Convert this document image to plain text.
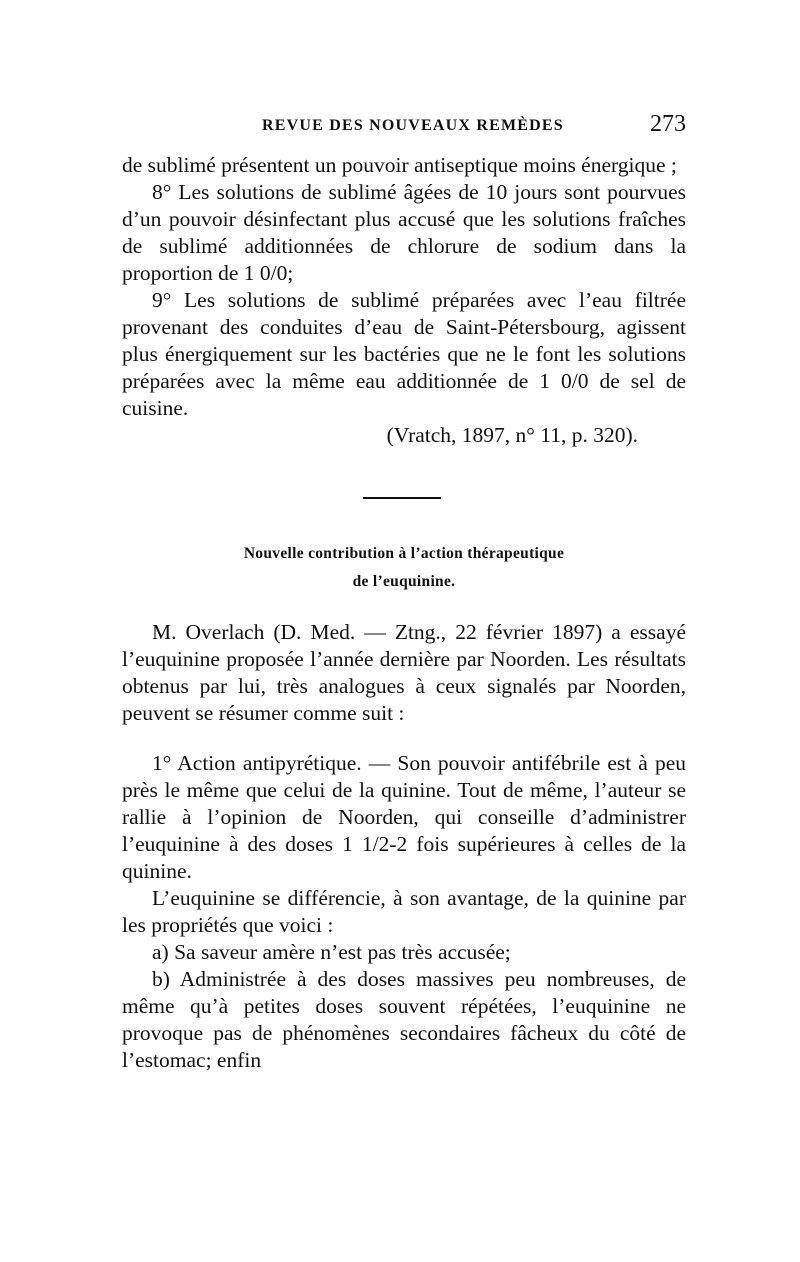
REVUE DES NOUVEAUX REMÈDES	273

de sublimé présentent un pouvoir antiseptique moins énergique ;

8° Les solutions de sublimé âgées de 10 jours sont pourvues d’un pouvoir désinfectant plus accusé que les solutions fraîches de sublimé additionnées de chlorure de sodium dans la proportion de 1 0/0;

9° Les solutions de sublimé préparées avec l’eau filtrée provenant des conduites d’eau de Saint-Pétersbourg, agissent plus énergiquement sur les bactéries que ne le font les solutions préparées avec la même eau additionnée de 1 0/0 de sel de cuisine.

(Vratch, 1897, n° 11, p. 320).

Nouvelle contribution à l’action thérapeutique
de l’euquinine.

M. Overlach (D. Med. — Ztng., 22 février 1897) a essayé l’euquinine proposée l’année dernière par Noorden. Les résultats obtenus par lui, très analogues à ceux signalés par Noorden, peuvent se résumer comme suit :

1° Action antipyrétique. — Son pouvoir antifébrile est à peu près le même que celui de la quinine. Tout de même, l’auteur se rallie à l’opinion de Noorden, qui conseille d’administrer l’euquinine à des doses 1 1/2-2 fois supérieures à celles de la quinine.

L’euquinine se différencie, à son avantage, de la quinine par les propriétés que voici :

a) Sa saveur amère n’est pas très accusée;

b) Administrée à des doses massives peu nombreuses, de même qu’à petites doses souvent répétées, l’euquinine ne provoque pas de phénomènes secondaires fâcheux du côté de l’estomac; enfin
